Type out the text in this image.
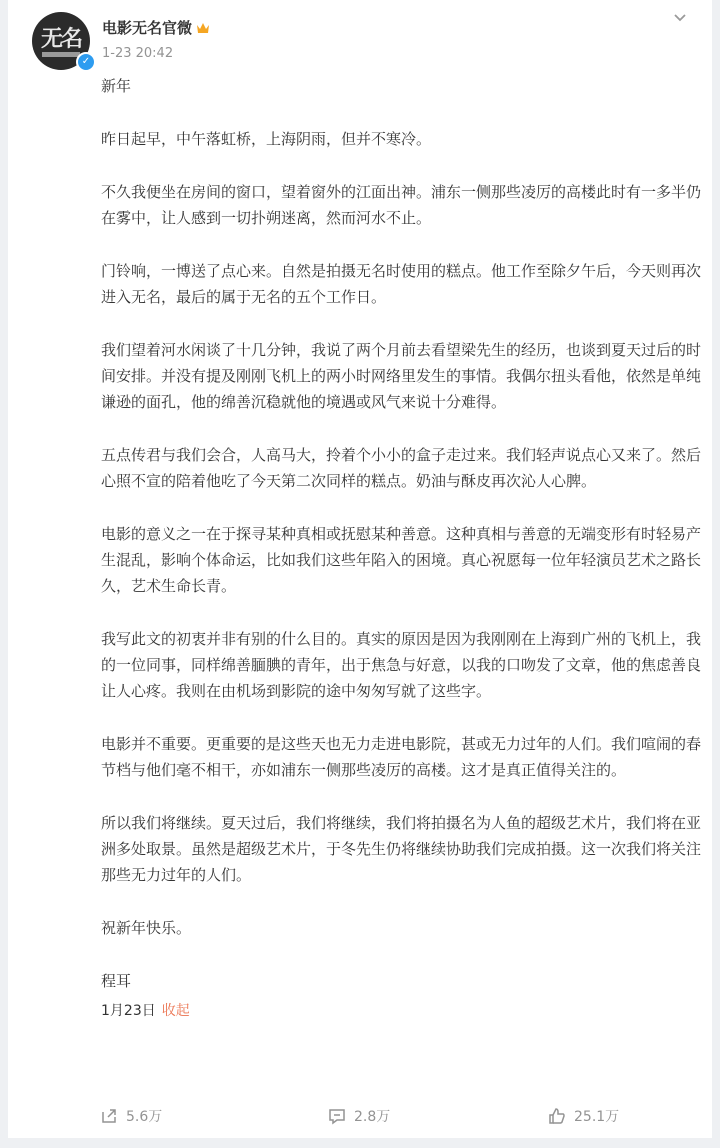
无名
✓
电影无名官微
1-23 20:42

新年

昨日起早，中午落虹桥，上海阴雨，但并不寒冷。

不久我便坐在房间的窗口，望着窗外的江面出神。浦东一侧那些凌厉的高楼此时有一多半仍在雾中，让人感到一切扑朔迷离，然而河水不止。

门铃响，一博送了点心来。自然是拍摄无名时使用的糕点。他工作至除夕午后，今天则再次进入无名，最后的属于无名的五个工作日。

我们望着河水闲谈了十几分钟，我说了两个月前去看望梁先生的经历，也谈到夏天过后的时间安排。并没有提及刚刚飞机上的两小时网络里发生的事情。我偶尔扭头看他，依然是单纯谦逊的面孔，他的绵善沉稳就他的境遇或风气来说十分难得。

五点传君与我们会合，人高马大，拎着个小小的盒子走过来。我们轻声说点心又来了。然后心照不宣的陪着他吃了今天第二次同样的糕点。奶油与酥皮再次沁人心脾。

电影的意义之一在于探寻某种真相或抚慰某种善意。这种真相与善意的无端变形有时轻易产生混乱，影响个体命运，比如我们这些年陷入的困境。真心祝愿每一位年轻演员艺术之路长久，艺术生命长青。

我写此文的初衷并非有别的什么目的。真实的原因是因为我刚刚在上海到广州的飞机上，我的一位同事，同样绵善腼腆的青年，出于焦急与好意，以我的口吻发了文章，他的焦虑善良让人心疼。我则在由机场到影院的途中匆匆写就了这些字。

电影并不重要。更重要的是这些天也无力走进电影院，甚或无力过年的人们。我们喧闹的春节档与他们毫不相干，亦如浦东一侧那些凌厉的高楼。这才是真正值得关注的。

所以我们将继续。夏天过后，我们将继续，我们将拍摄名为人鱼的超级艺术片，我们将在亚洲多处取景。虽然是超级艺术片，于冬先生仍将继续协助我们完成拍摄。这一次我们将关注那些无力过年的人们。

祝新年快乐。

程耳

1月23日 收起
5.6万	2.8万	25.1万
